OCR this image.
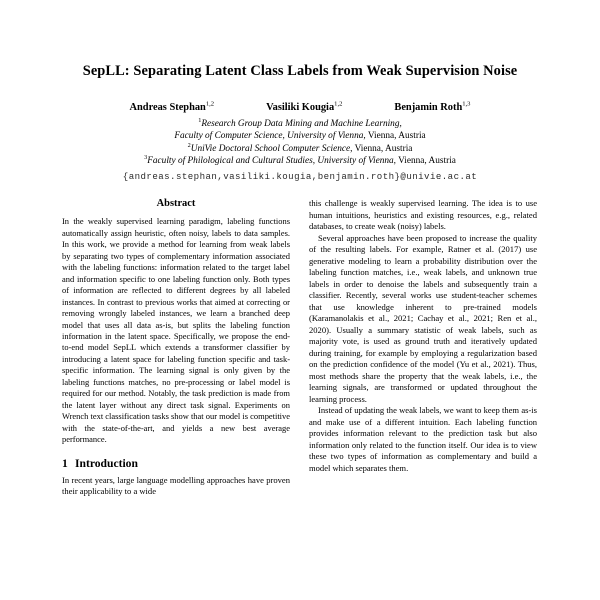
SepLL: Separating Latent Class Labels from Weak Supervision Noise
Andreas Stephan$^{1,2}$	Vasiliki Kougia$^{1,2}$	Benjamin Roth$^{1,3}$
$^1$Research Group Data Mining and Machine Learning,
Faculty of Computer Science, University of Vienna, Vienna, Austria
$^2$UniVie Doctoral School Computer Science, Vienna, Austria
$^3$Faculty of Philological and Cultural Studies, University of Vienna, Vienna, Austria
{andreas.stephan,vasiliki.kougia,benjamin.roth}@univie.ac.at
Abstract

In the weakly supervised learning paradigm, labeling functions automatically assign heuristic, often noisy, labels to data samples. In this work, we provide a method for learning from weak labels by separating two types of complementary information associated with the labeling functions: information related to the target label and information specific to one labeling function only. Both types of information are reflected to different degrees by all labeled instances. In contrast to previous works that aimed at correcting or removing wrongly labeled instances, we learn a branched deep model that uses all data as-is, but splits the labeling function information in the latent space. Specifically, we propose the end-to-end model SepLL which extends a transformer classifier by introducing a latent space for labeling function specific and task-specific information. The learning signal is only given by the labeling functions matches, no pre-processing or label model is required for our method. Notably, the task prediction is made from the latent layer without any direct task signal. Experiments on Wrench text classification tasks show that our model is competitive with the state-of-the-art, and yields a new best average performance.

1 Introduction

In recent years, large language modelling approaches have proven their applicability to a wide

this challenge is weakly supervised learning. The idea is to use human intuitions, heuristics and existing resources, e.g., related databases, to create weak (noisy) labels.

Several approaches have been proposed to increase the quality of the resulting labels. For example, Ratner et al. (2017) use generative modeling to learn a probability distribution over the labeling function matches, i.e., weak labels, and unknown true labels in order to denoise the labels and subsequently train a classifier. Recently, several works use student-teacher schemes that use knowledge inherent to pre-trained models (Karamanolakis et al., 2021; Cachay et al., 2021; Ren et al., 2020). Usually a summary statistic of weak labels, such as majority vote, is used as ground truth and iteratively updated during training, for example by employing a regularization based on the prediction confidence of the model (Yu et al., 2021). Thus, most methods share the property that the weak labels, i.e., the learning signals, are transformed or updated throughout the learning process.

Instead of updating the weak labels, we want to keep them as-is and make use of a different intuition. Each labeling function provides information relevant to the prediction task but also information only related to the function itself. Our idea is to view these two types of information as complementary and build a model which separates them.
